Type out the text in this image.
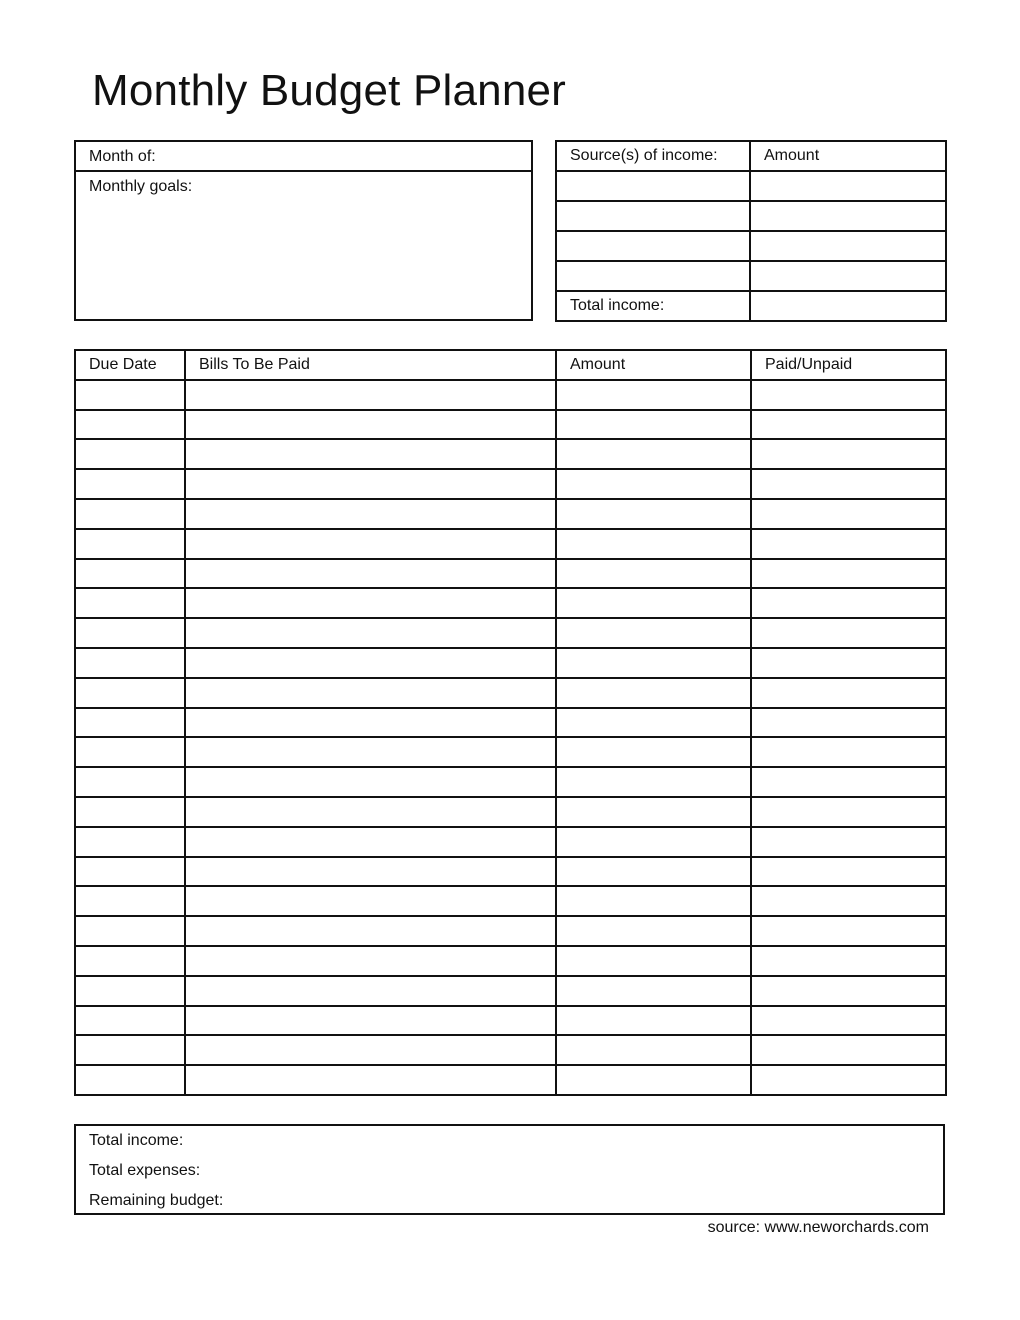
Monthly Budget Planner
Month of:
Monthly goals:
Source(s) of income:	Amount

Total income:	
Due Date	Bills To Be Paid	Amount	Paid/Unpaid

Total income:
Total expenses:
Remaining budget:
source: www.neworchards.com
